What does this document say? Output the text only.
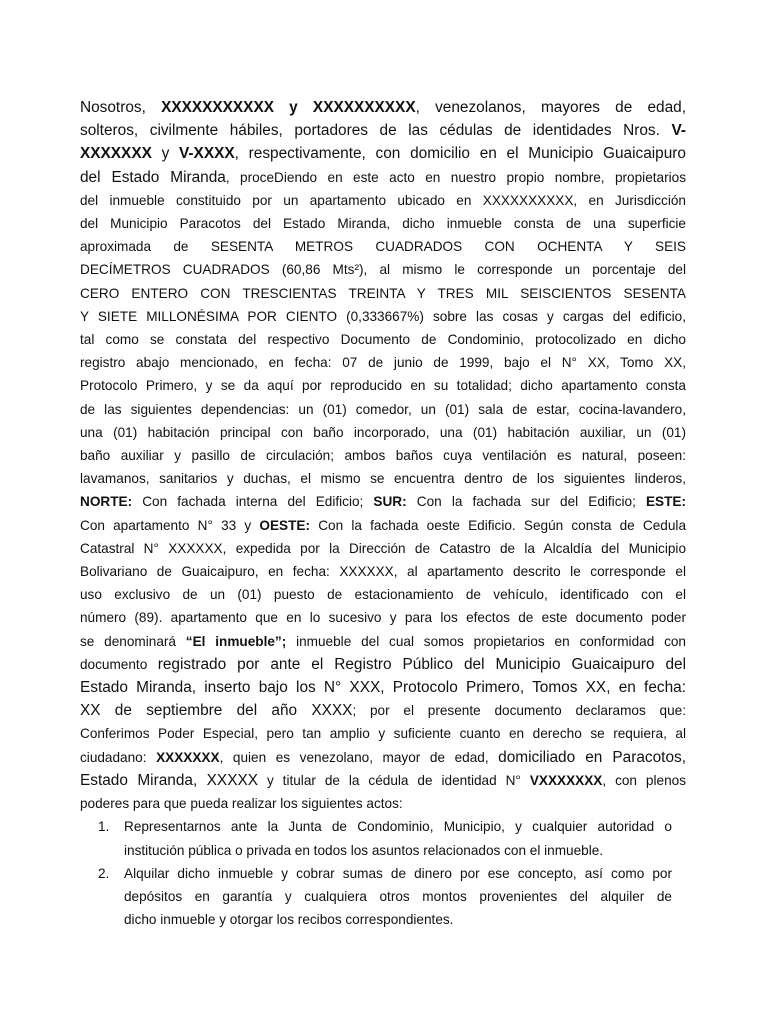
Nosotros, XXXXXXXXXXX y XXXXXXXXXX, venezolanos, mayores de edad,
solteros, civilmente hábiles, portadores de las cédulas de identidades Nros. V-
XXXXXXX y V-XXXX, respectivamente, con domicilio en el Municipio Guaicaipuro
del Estado Miranda, proceDiendo en este acto en nuestro propio nombre, propietarios
del inmueble constituido por un apartamento ubicado en XXXXXXXXXX, en Jurisdicción
del Municipio Paracotos del Estado Miranda, dicho inmueble consta de una superficie
aproximada de SESENTA METROS CUADRADOS CON OCHENTA Y SEIS
DECÍMETROS CUADRADOS (60,86 Mts²), al mismo le corresponde un porcentaje del
CERO ENTERO CON TRESCIENTAS TREINTA Y TRES MIL SEISCIENTOS SESENTA
Y SIETE MILLONÉSIMA POR CIENTO (0,333667%) sobre las cosas y cargas del edificio,
tal como se constata del respectivo Documento de Condominio, protocolizado en dicho
registro abajo mencionado, en fecha: 07 de junio de 1999, bajo el N° XX, Tomo XX,
Protocolo Primero, y se da aquí por reproducido en su totalidad; dicho apartamento consta
de las siguientes dependencias: un (01) comedor, un (01) sala de estar, cocina-lavandero,
una (01) habitación principal con baño incorporado, una (01) habitación auxiliar, un (01)
baño auxiliar y pasillo de circulación; ambos baños cuya ventilación es natural, poseen:
lavamanos, sanitarios y duchas, el mismo se encuentra dentro de los siguientes linderos,
NORTE: Con fachada interna del Edificio; SUR: Con la fachada sur del Edificio; ESTE:
Con apartamento N° 33 y OESTE: Con la fachada oeste Edificio. Según consta de Cedula
Catastral N° XXXXXX, expedida por la Dirección de Catastro de la Alcaldía del Municipio
Bolivariano de Guaicaipuro, en fecha: XXXXXX, al apartamento descrito le corresponde el
uso exclusivo de un (01) puesto de estacionamiento de vehículo, identificado con el
número (89). apartamento que en lo sucesivo y para los efectos de este documento poder
se denominará “El inmueble”; inmueble del cual somos propietarios en conformidad con
documento registrado por ante el Registro Público del Municipio Guaicaipuro del
Estado Miranda, inserto bajo los N° XXX, Protocolo Primero, Tomos XX, en fecha:
XX de septiembre del año XXXX; por el presente documento declaramos que:
Conferimos Poder Especial, pero tan amplio y suficiente cuanto en derecho se requiera, al
ciudadano: XXXXXXX, quien es venezolano, mayor de edad, domiciliado en Paracotos,
Estado Miranda, XXXXX y titular de la cédula de identidad N° VXXXXXXX, con plenos
poderes para que pueda realizar los siguientes actos:
1. Representarnos ante la Junta de Condominio, Municipio, y cualquier autoridad o
institución pública o privada en todos los asuntos relacionados con el inmueble.
2. Alquilar dicho inmueble y cobrar sumas de dinero por ese concepto, así como por
depósitos en garantía y cualquiera otros montos provenientes del alquiler de
dicho inmueble y otorgar los recibos correspondientes.
